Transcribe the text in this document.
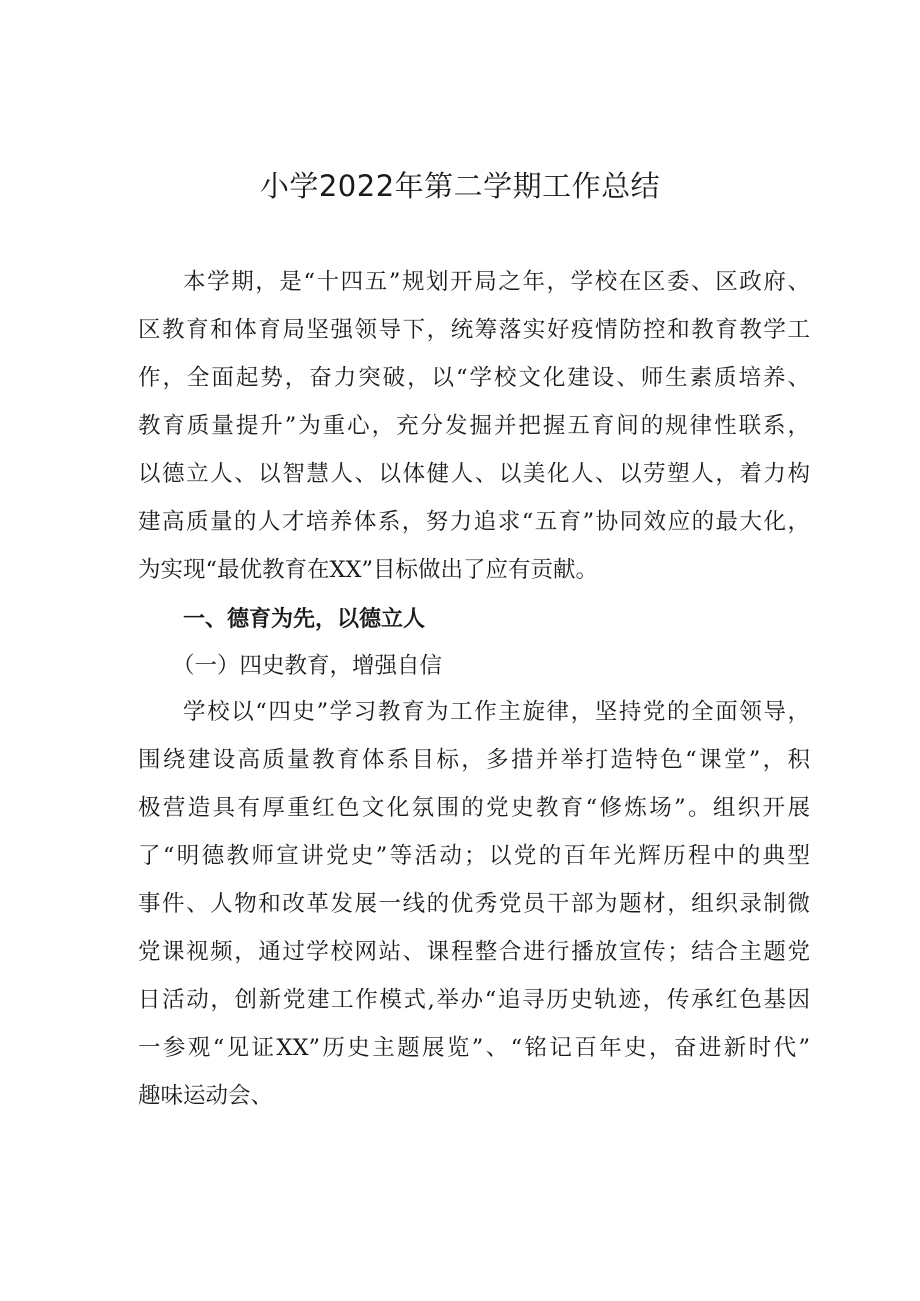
小学2022年第二学期工作总结
本学期，是“十四五”规划开局之年，学校在区委、区政府、
区教育和体育局坚强领导下，统筹落实好疫情防控和教育教学工
作，全面起势，奋力突破，以“学校文化建设、师生素质培养、
教育质量提升”为重心，充分发掘并把握五育间的规律性联系，
以德立人、以智慧人、以体健人、以美化人、以劳塑人，着力构
建高质量的人才培养体系，努力追求“五育”协同效应的最大化，
为实现“最优教育在XX”目标做出了应有贡献。
一、德育为先，以德立人
（一）四史教育，增强自信
学校以“四史”学习教育为工作主旋律，坚持党的全面领导，
围绕建设高质量教育体系目标，多措并举打造特色“课堂”，积
极营造具有厚重红色文化氛围的党史教育“修炼场”。组织开展
了“明德教师宣讲党史”等活动；以党的百年光辉历程中的典型
事件、人物和改革发展一线的优秀党员干部为题材，组织录制微
党课视频，通过学校网站、课程整合进行播放宣传；结合主题党
日活动，创新党建工作模式,举办“追寻历史轨迹，传承红色基因
一参观“见证XX”历史主题展览”、“铭记百年史，奋进新时代”
趣味运动会、
